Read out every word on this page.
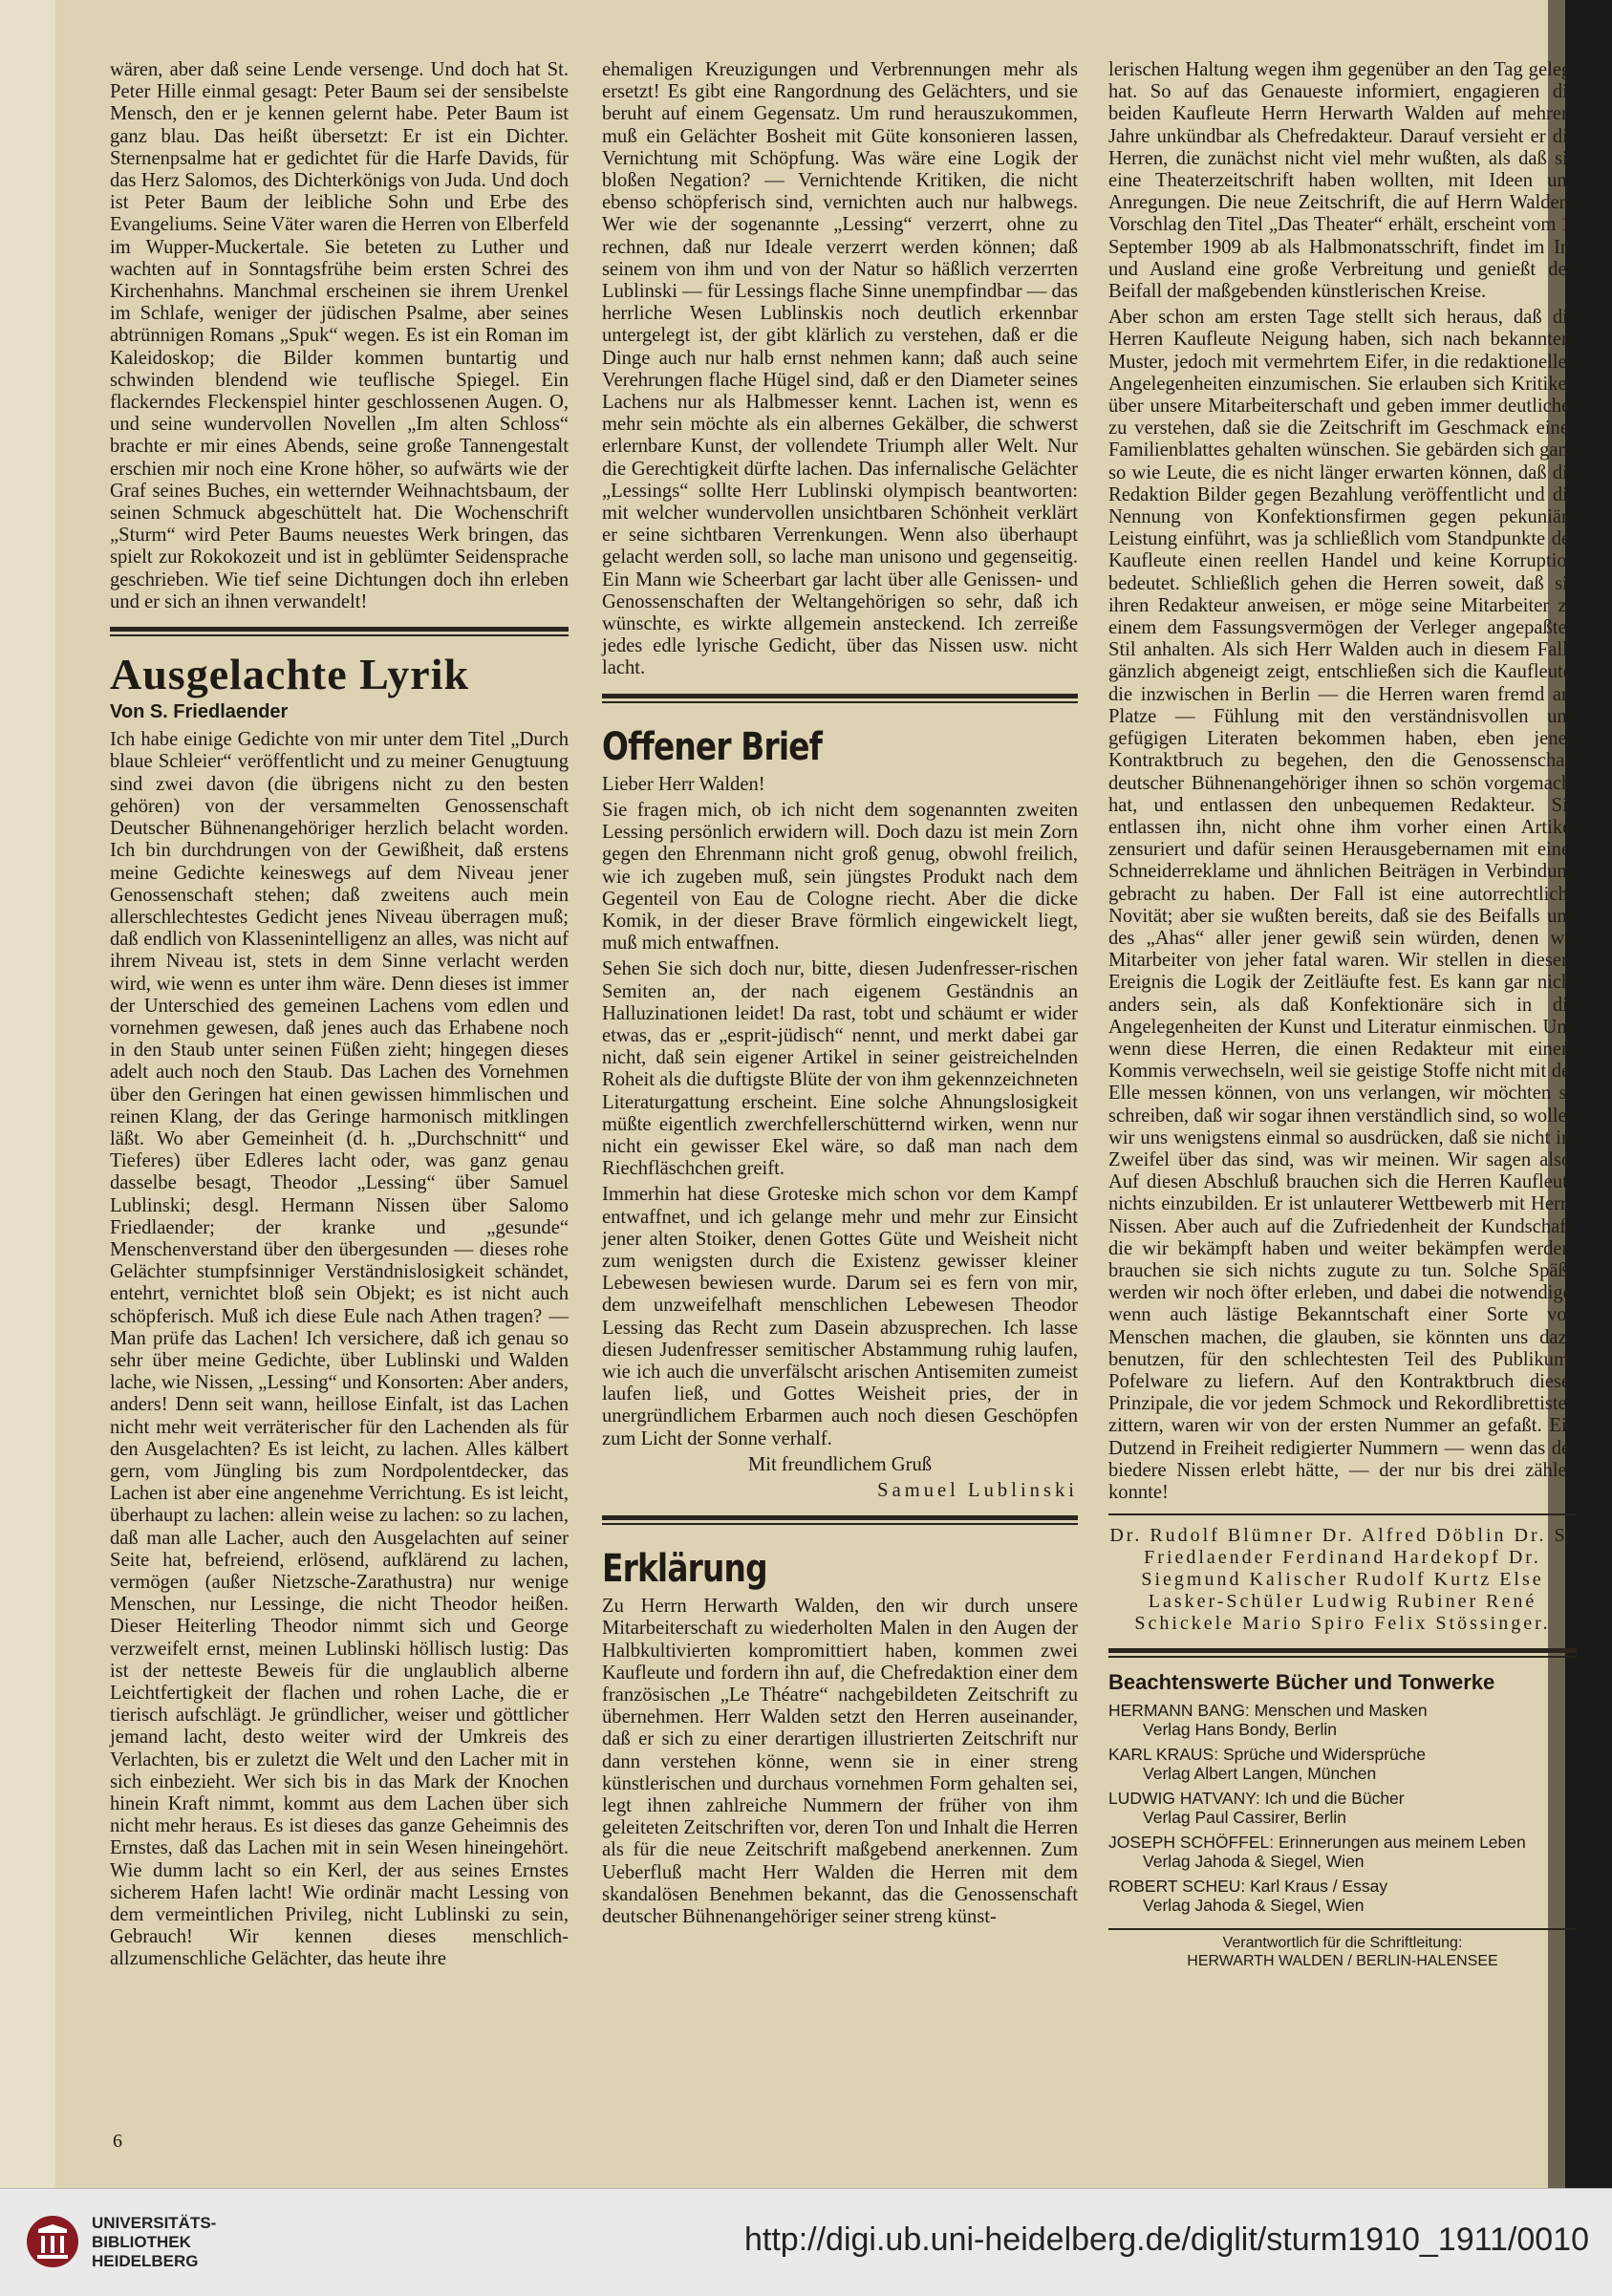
wären, aber daß seine Lende versenge. Und doch hat St. Peter Hille einmal gesagt: Peter Baum sei der sensibelste Mensch, den er je kennen gelernt habe. Peter Baum ist ganz blau. Das heißt übersetzt: Er ist ein Dichter. Sternenpsalme hat er gedichtet für die Harfe Davids, für das Herz Salomos, des Dichterkönigs von Juda. Und doch ist Peter Baum der leibliche Sohn und Erbe des Evangeliums. Seine Väter waren die Herren von Elberfeld im Wupper-Muckertale. Sie beteten zu Luther und wachten auf in Sonntagsfrühe beim ersten Schrei des Kirchenhahns. Manchmal erscheinen sie ihrem Urenkel im Schlafe, weniger der jüdischen Psalme, aber seines abtrünnigen Romans „Spuk“ wegen. Es ist ein Roman im Kaleidoskop; die Bilder kommen buntartig und schwinden blendend wie teuflische Spiegel. Ein flackerndes Fleckenspiel hinter geschlossenen Augen. O, und seine wundervollen Novellen „Im alten Schloss“ brachte er mir eines Abends, seine große Tannengestalt erschien mir noch eine Krone höher, so aufwärts wie der Graf seines Buches, ein wetternder Weihnachtsbaum, der seinen Schmuck abgeschüttelt hat. Die Wochenschrift „Sturm“ wird Peter Baums neuestes Werk bringen, das spielt zur Rokokozeit und ist in geblümter Seidensprache geschrieben. Wie tief seine Dichtungen doch ihn erleben und er sich an ihnen verwandelt!

Ausgelachte Lyrik
Von S. Friedlaender

Ich habe einige Gedichte von mir unter dem Titel „Durch blaue Schleier“ veröffentlicht und zu meiner Genugtuung sind zwei davon (die übrigens nicht zu den besten gehören) von der versammelten Genossenschaft Deutscher Bühnenangehöriger herzlich belacht worden. Ich bin durchdrungen von der Gewißheit, daß erstens meine Gedichte keineswegs auf dem Niveau jener Genossenschaft stehen; daß zweitens auch mein allerschlechtestes Gedicht jenes Niveau überragen muß; daß endlich von Klassenintelligenz an alles, was nicht auf ihrem Niveau ist, stets in dem Sinne verlacht werden wird, wie wenn es unter ihm wäre. Denn dieses ist immer der Unterschied des gemeinen Lachens vom edlen und vornehmen gewesen, daß jenes auch das Erhabene noch in den Staub unter seinen Füßen zieht; hingegen dieses adelt auch noch den Staub. Das Lachen des Vornehmen über den Geringen hat einen gewissen himmlischen und reinen Klang, der das Geringe harmonisch mitklingen läßt. Wo aber Gemeinheit (d. h. „Durchschnitt“ und Tieferes) über Edleres lacht oder, was ganz genau dasselbe besagt, Theodor „Lessing“ über Samuel Lublinski; desgl. Hermann Nissen über Salomo Friedlaender; der kranke und „gesunde“ Menschenverstand über den übergesunden — dieses rohe Gelächter stumpfsinniger Verständnislosigkeit schändet, entehrt, vernichtet bloß sein Objekt; es ist nicht auch schöpferisch. Muß ich diese Eule nach Athen tragen? — Man prüfe das Lachen! Ich versichere, daß ich genau so sehr über meine Gedichte, über Lublinski und Walden lache, wie Nissen, „Lessing“ und Konsorten: Aber anders, anders! Denn seit wann, heillose Einfalt, ist das Lachen nicht mehr weit verräterischer für den Lachenden als für den Ausgelachten? Es ist leicht, zu lachen. Alles kälbert gern, vom Jüngling bis zum Nordpolentdecker, das Lachen ist aber eine angenehme Verrichtung. Es ist leicht, überhaupt zu lachen: allein weise zu lachen: so zu lachen, daß man alle Lacher, auch den Ausgelachten auf seiner Seite hat, befreiend, erlösend, aufklärend zu lachen, vermögen (außer Nietzsche-Zarathustra) nur wenige Menschen, nur Lessinge, die nicht Theodor heißen. Dieser Heiterling Theodor nimmt sich und George verzweifelt ernst, meinen Lublinski höllisch lustig: Das ist der netteste Beweis für die unglaublich alberne Leichtfertigkeit der flachen und rohen Lache, die er tierisch aufschlägt. Je gründlicher, weiser und göttlicher jemand lacht, desto weiter wird der Umkreis des Verlachten, bis er zuletzt die Welt und den Lacher mit in sich einbezieht. Wer sich bis in das Mark der Knochen hinein Kraft nimmt, kommt aus dem Lachen über sich nicht mehr heraus. Es ist dieses das ganze Geheimnis des Ernstes, daß das Lachen mit in sein Wesen hineingehört. Wie dumm lacht so ein Kerl, der aus seines Ernstes sicherem Hafen lacht! Wie ordinär macht Lessing von dem vermeintlichen Privileg, nicht Lublinski zu sein, Gebrauch! Wir kennen dieses menschlich-allzumenschliche Gelächter, das heute ihre

ehemaligen Kreuzigungen und Verbrennungen mehr als ersetzt! Es gibt eine Rangordnung des Gelächters, und sie beruht auf einem Gegensatz. Um rund herauszukommen, muß ein Gelächter Bosheit mit Güte konsonieren lassen, Vernichtung mit Schöpfung. Was wäre eine Logik der bloßen Negation? — Vernichtende Kritiken, die nicht ebenso schöpferisch sind, vernichten auch nur halbwegs. Wer wie der sogenannte „Lessing“ verzerrt, ohne zu rechnen, daß nur Ideale verzerrt werden können; daß seinem von ihm und von der Natur so häßlich verzerrten Lublinski — für Lessings flache Sinne unempfindbar — das herrliche Wesen Lublinskis noch deutlich erkennbar untergelegt ist, der gibt klärlich zu verstehen, daß er die Dinge auch nur halb ernst nehmen kann; daß auch seine Verehrungen flache Hügel sind, daß er den Diameter seines Lachens nur als Halbmesser kennt. Lachen ist, wenn es mehr sein möchte als ein albernes Gekälber, die schwerst erlernbare Kunst, der vollendete Triumph aller Welt. Nur die Gerechtigkeit dürfte lachen. Das infernalische Gelächter „Lessings“ sollte Herr Lublinski olympisch beantworten: mit welcher wundervollen unsichtbaren Schönheit verklärt er seine sichtbaren Verrenkungen. Wenn also überhaupt gelacht werden soll, so lache man unisono und gegenseitig. Ein Mann wie Scheerbart gar lacht über alle Genissen- und Genossenschaften der Weltangehörigen so sehr, daß ich wünschte, es wirkte allgemein ansteckend. Ich zerreiße jedes edle lyrische Gedicht, über das Nissen usw. nicht lacht.

Offener Brief

Lieber Herr Walden!

Sie fragen mich, ob ich nicht dem sogenannten zweiten Lessing persönlich erwidern will. Doch dazu ist mein Zorn gegen den Ehrenmann nicht groß genug, obwohl freilich, wie ich zugeben muß, sein jüngstes Produkt nach dem Gegenteil von Eau de Cologne riecht. Aber die dicke Komik, in der dieser Brave förmlich eingewickelt liegt, muß mich entwaffnen.

Sehen Sie sich doch nur, bitte, diesen Judenfresser-rischen Semiten an, der nach eigenem Geständnis an Halluzinationen leidet! Da rast, tobt und schäumt er wider etwas, das er „esprit-jüdisch“ nennt, und merkt dabei gar nicht, daß sein eigener Artikel in seiner geistreichelnden Roheit als die duftigste Blüte der von ihm gekennzeichneten Literaturgattung erscheint. Eine solche Ahnungslosigkeit müßte eigentlich zwerchfellerschütternd wirken, wenn nur nicht ein gewisser Ekel wäre, so daß man nach dem Riechfläschchen greift.

Immerhin hat diese Groteske mich schon vor dem Kampf entwaffnet, und ich gelange mehr und mehr zur Einsicht jener alten Stoiker, denen Gottes Güte und Weisheit nicht zum wenigsten durch die Existenz gewisser kleiner Lebewesen bewiesen wurde. Darum sei es fern von mir, dem unzweifelhaft menschlichen Lebewesen Theodor Lessing das Recht zum Dasein abzusprechen. Ich lasse diesen Judenfresser semitischer Abstammung ruhig laufen, wie ich auch die unverfälscht arischen Antisemiten zumeist laufen ließ, und Gottes Weisheit pries, der in unergründlichem Erbarmen auch noch diesen Geschöpfen zum Licht der Sonne verhalf.

Mit freundlichem Gruß

Samuel Lublinski

Erklärung

Zu Herrn Herwarth Walden, den wir durch unsere Mitarbeiterschaft zu wiederholten Malen in den Augen der Halbkultivierten kompromittiert haben, kommen zwei Kaufleute und fordern ihn auf, die Chefredaktion einer dem französischen „Le Théatre“ nachgebildeten Zeitschrift zu übernehmen. Herr Walden setzt den Herren auseinander, daß er sich zu einer derartigen illustrierten Zeitschrift nur dann verstehen könne, wenn sie in einer streng künstlerischen und durchaus vornehmen Form gehalten sei, legt ihnen zahlreiche Nummern der früher von ihm geleiteten Zeitschriften vor, deren Ton und Inhalt die Herren als für die neue Zeitschrift maßgebend anerkennen. Zum Ueberfluß macht Herr Walden die Herren mit dem skandalösen Benehmen bekannt, das die Genossenschaft deutscher Bühnenangehöriger seiner streng künst-

lerischen Haltung wegen ihm gegenüber an den Tag gelegt hat. So auf das Genaueste informiert, engagieren die beiden Kaufleute Herrn Herwarth Walden auf mehrere Jahre unkündbar als Chefredakteur. Darauf versieht er die Herren, die zunächst nicht viel mehr wußten, als daß sie eine Theaterzeitschrift haben wollten, mit Ideen und Anregungen. Die neue Zeitschrift, die auf Herrn Waldens Vorschlag den Titel „Das Theater“ erhält, erscheint vom 1. September 1909 ab als Halbmonatsschrift, findet im In- und Ausland eine große Verbreitung und genießt den Beifall der maßgebenden künstlerischen Kreise.

Aber schon am ersten Tage stellt sich heraus, daß die Herren Kaufleute Neigung haben, sich nach bekanntem Muster, jedoch mit vermehrtem Eifer, in die redaktionellen Angelegenheiten einzumischen. Sie erlauben sich Kritiken über unsere Mitarbeiterschaft und geben immer deutlicher zu verstehen, daß sie die Zeitschrift im Geschmack eines Familienblattes gehalten wünschen. Sie gebärden sich ganz so wie Leute, die es nicht länger erwarten können, daß die Redaktion Bilder gegen Bezahlung veröffentlicht und die Nennung von Konfektionsfirmen gegen pekuniäre Leistung einführt, was ja schließlich vom Standpunkte der Kaufleute einen reellen Handel und keine Korruption bedeutet. Schließlich gehen die Herren soweit, daß sie ihren Redakteur anweisen, er möge seine Mitarbeiter zu einem dem Fassungsvermögen der Verleger angepaßten Stil anhalten. Als sich Herr Walden auch in diesem Falle gänzlich abgeneigt zeigt, entschließen sich die Kaufleute, die inzwischen in Berlin — die Herren waren fremd am Platze — Fühlung mit den verständnisvollen und gefügigen Literaten bekommen haben, eben jenen Kontraktbruch zu begehen, den die Genossenschaft deutscher Bühnenangehöriger ihnen so schön vorgemacht hat, und entlassen den unbequemen Redakteur. Sie entlassen ihn, nicht ohne ihm vorher einen Artikel zensuriert und dafür seinen Herausgebernamen mit einer Schneiderreklame und ähnlichen Beiträgen in Verbindung gebracht zu haben. Der Fall ist eine autorrechtliche Novität; aber sie wußten bereits, daß sie des Beifalls und des „Ahas“ aller jener gewiß sein würden, denen wir Mitarbeiter von jeher fatal waren. Wir stellen in diesem Ereignis die Logik der Zeitläufte fest. Es kann gar nicht anders sein, als daß Konfektionäre sich in die Angelegenheiten der Kunst und Literatur einmischen. Und wenn diese Herren, die einen Redakteur mit einem Kommis verwechseln, weil sie geistige Stoffe nicht mit der Elle messen können, von uns verlangen, wir möchten so schreiben, daß wir sogar ihnen verständlich sind, so wollen wir uns wenigstens einmal so ausdrücken, daß sie nicht im Zweifel über das sind, was wir meinen. Wir sagen also: Auf diesen Abschluß brauchen sich die Herren Kaufleute nichts einzubilden. Er ist unlauterer Wettbewerb mit Herrn Nissen. Aber auch auf die Zufriedenheit der Kundschaft, die wir bekämpft haben und weiter bekämpfen werden, brauchen sie sich nichts zugute zu tun. Solche Späße werden wir noch öfter erleben, und dabei die notwendige, wenn auch lästige Bekanntschaft einer Sorte von Menschen machen, die glauben, sie könnten uns dazu benutzen, für den schlechtesten Teil des Publikums Pofelware zu liefern. Auf den Kontraktbruch dieser Prinzipale, die vor jedem Schmock und Rekordlibrettisten zittern, waren wir von der ersten Nummer an gefaßt. Ein Dutzend in Freiheit redigierter Nummern — wenn das der biedere Nissen erlebt hätte, — der nur bis drei zählen konnte!

Dr. Rudolf Blümner Dr. Alfred Döblin Dr. S. Friedlaender Ferdinand Hardekopf Dr. Siegmund Kalischer Rudolf Kurtz Else Lasker-Schüler Ludwig Rubiner René Schickele Mario Spiro Felix Stössinger.

Beachtenswerte Bücher und Tonwerke
HERMANN BANG: Menschen und Masken
Verlag Hans Bondy, Berlin
KARL KRAUS: Sprüche und Widersprüche
Verlag Albert Langen, München
LUDWIG HATVANY: Ich und die Bücher
Verlag Paul Cassirer, Berlin
JOSEPH SCHÖFFEL: Erinnerungen aus meinem Leben
Verlag Jahoda & Siegel, Wien
ROBERT SCHEU: Karl Kraus / Essay
Verlag Jahoda & Siegel, Wien
Verantwortlich für die Schriftleitung:
HERWARTH WALDEN / BERLIN-HALENSEE
6
UNIVERSITÄTS-
BIBLIOTHEK
HEIDELBERG
http://digi.ub.uni-heidelberg.de/diglit/sturm1910_1911/0010
